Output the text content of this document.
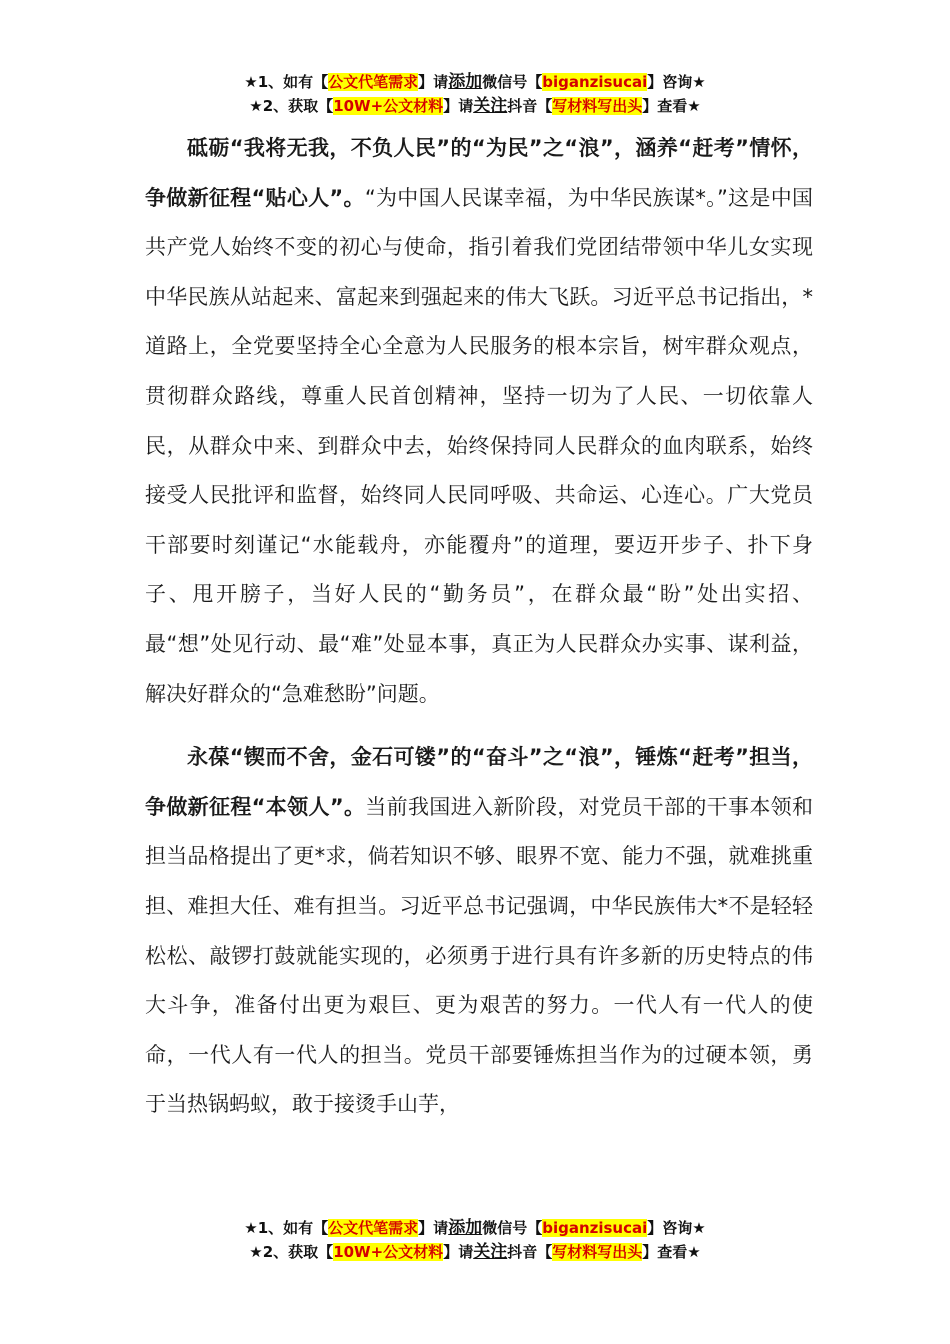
★1、如有【公文代笔需求】请添加微信号【biganzisucai】咨询★
★2、获取【10W+公文材料】请关注抖音【写材料写出头】查看★

砥砺“我将无我，不负人民”的“为民”之“浪”，涵养“赶考”情怀，争做新征程“贴心人”。“为中国人民谋幸福，为中华民族谋*。”这是中国共产党人始终不变的初心与使命，指引着我们党团结带领中华儿女实现中华民族从站起来、富起来到强起来的伟大飞跃。习近平总书记指出，*道路上，全党要坚持全心全意为人民服务的根本宗旨，树牢群众观点，贯彻群众路线，尊重人民首创精神，坚持一切为了人民、一切依靠人民，从群众中来、到群众中去，始终保持同人民群众的血肉联系，始终接受人民批评和监督，始终同人民同呼吸、共命运、心连心。广大党员干部要时刻谨记“水能载舟，亦能覆舟”的道理，要迈开步子、扑下身子、甩开膀子，当好人民的“勤务员”，在群众最“盼”处出实招、最“想”处见行动、最“难”处显本事，真正为人民群众办实事、谋利益，解决好群众的“急难愁盼”问题。

永葆“锲而不舍，金石可镂”的“奋斗”之“浪”，锤炼“赶考”担当，争做新征程“本领人”。当前我国进入新阶段，对党员干部的干事本领和担当品格提出了更*求，倘若知识不够、眼界不宽、能力不强，就难挑重担、难担大任、难有担当。习近平总书记强调，中华民族伟大*不是轻轻松松、敲锣打鼓就能实现的，必须勇于进行具有许多新的历史特点的伟大斗争，准备付出更为艰巨、更为艰苦的努力。一代人有一代人的使命，一代人有一代人的担当。党员干部要锤炼担当作为的过硬本领，勇于当热锅蚂蚁，敢于接烫手山芋，

★1、如有【公文代笔需求】请添加微信号【biganzisucai】咨询★
★2、获取【10W+公文材料】请关注抖音【写材料写出头】查看★
